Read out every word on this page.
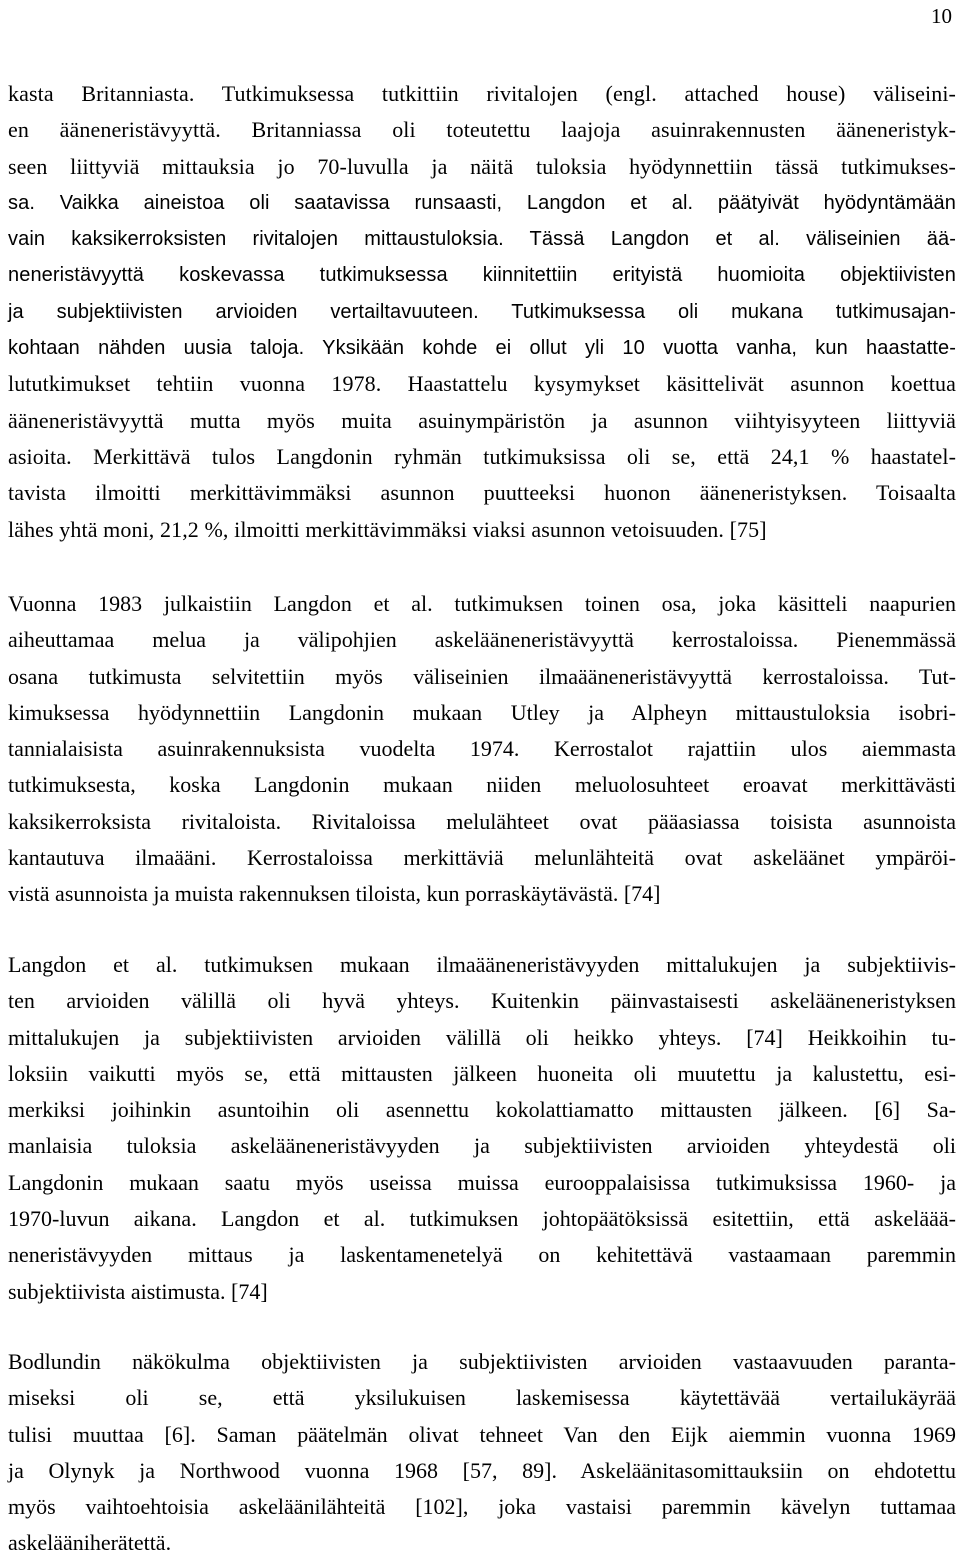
10
kasta Britanniasta. Tutkimuksessa tutkittiin rivitalojen (engl. attached house) väliseini-
en ääneneristävyyttä. Britanniassa oli toteutettu laajoja asuinrakennusten ääneneristyk-
seen liittyviä mittauksia jo 70-luvulla ja näitä tuloksia hyödynnettiin tässä tutkimukses-
sa. Vaikka aineistoa oli saatavissa runsaasti, Langdon et al. päätyivät hyödyntämään
vain kaksikerroksisten rivitalojen mittaustuloksia. Tässä Langdon et al. väliseinien ää-
neneristävyyttä koskevassa tutkimuksessa kiinnitettiin erityistä huomioita objektiivisten
ja subjektiivisten arvioiden vertailtavuuteen. Tutkimuksessa oli mukana tutkimusajan-
kohtaan nähden uusia taloja. Yksikään kohde ei ollut yli 10 vuotta vanha, kun haastatte-
lututkimukset tehtiin vuonna 1978. Haastattelu kysymykset käsittelivät asunnon koettua
ääneneristävyyttä mutta myös muita asuinympäristön ja asunnon viihtyisyyteen liittyviä
asioita. Merkittävä tulos Langdonin ryhmän tutkimuksissa oli se, että 24,1 % haastatel-
tavista ilmoitti merkittävimmäksi asunnon puutteeksi huonon ääneneristyksen. Toisaalta
lähes yhtä moni, 21,2 %, ilmoitti merkittävimmäksi viaksi asunnon vetoisuuden. [75]
Vuonna 1983 julkaistiin Langdon et al. tutkimuksen toinen osa, joka käsitteli naapurien
aiheuttamaa melua ja välipohjien askelääneneristävyyttä kerrostaloissa. Pienemmässä
osana tutkimusta selvitettiin myös väliseinien ilmaääneneristävyyttä kerrostaloissa. Tut-
kimuksessa hyödynnettiin Langdonin mukaan Utley ja Alpheyn mittaustuloksia isobri-
tannialaisista asuinrakennuksista vuodelta 1974. Kerrostalot rajattiin ulos aiemmasta
tutkimuksesta, koska Langdonin mukaan niiden meluolosuhteet eroavat merkittävästi
kaksikerroksista rivitaloista. Rivitaloissa melulähteet ovat pääasiassa toisista asunnoista
kantautuva ilmaääni. Kerrostaloissa merkittäviä melunlähteitä ovat askeläänet ympäröi-
vistä asunnoista ja muista rakennuksen tiloista, kun porraskäytävästä. [74]
Langdon et al. tutkimuksen mukaan ilmaääneneristävyyden mittalukujen ja subjektiivis-
ten arvioiden välillä oli hyvä yhteys. Kuitenkin päinvastaisesti askelääneneristyksen
mittalukujen ja subjektiivisten arvioiden välillä oli heikko yhteys. [74] Heikkoihin tu-
loksiin vaikutti myös se, että mittausten jälkeen huoneita oli muutettu ja kalustettu, esi-
merkiksi joihinkin asuntoihin oli asennettu kokolattiamatto mittausten jälkeen. [6] Sa-
manlaisia tuloksia askelääneneristävyyden ja subjektiivisten arvioiden yhteydestä oli
Langdonin mukaan saatu myös useissa muissa eurooppalaisissa tutkimuksissa 1960- ja
1970-luvun aikana. Langdon et al. tutkimuksen johtopäätöksissä esitettiin, että askeläää-
neneristävyyden mittaus ja laskentamenetelyä on kehitettävä vastaamaan paremmin
subjektiivista aistimusta. [74]
Bodlundin näkökulma objektiivisten ja subjektiivisten arvioiden vastaavuuden paranta-
miseksi oli se, että yksilukuisen laskemisessa käytettävää vertailukäyrää
tulisi muuttaa [6]. Saman päätelmän olivat tehneet Van den Eijk aiemmin vuonna 1969
ja Olynyk ja Northwood vuonna 1968 [57, 89]. Askeläänitasomittauksiin on ehdotettu
myös vaihtoehtoisia askeläänilähteitä [102], joka vastaisi paremmin kävelyn tuttamaa
askelääniherätettä.
